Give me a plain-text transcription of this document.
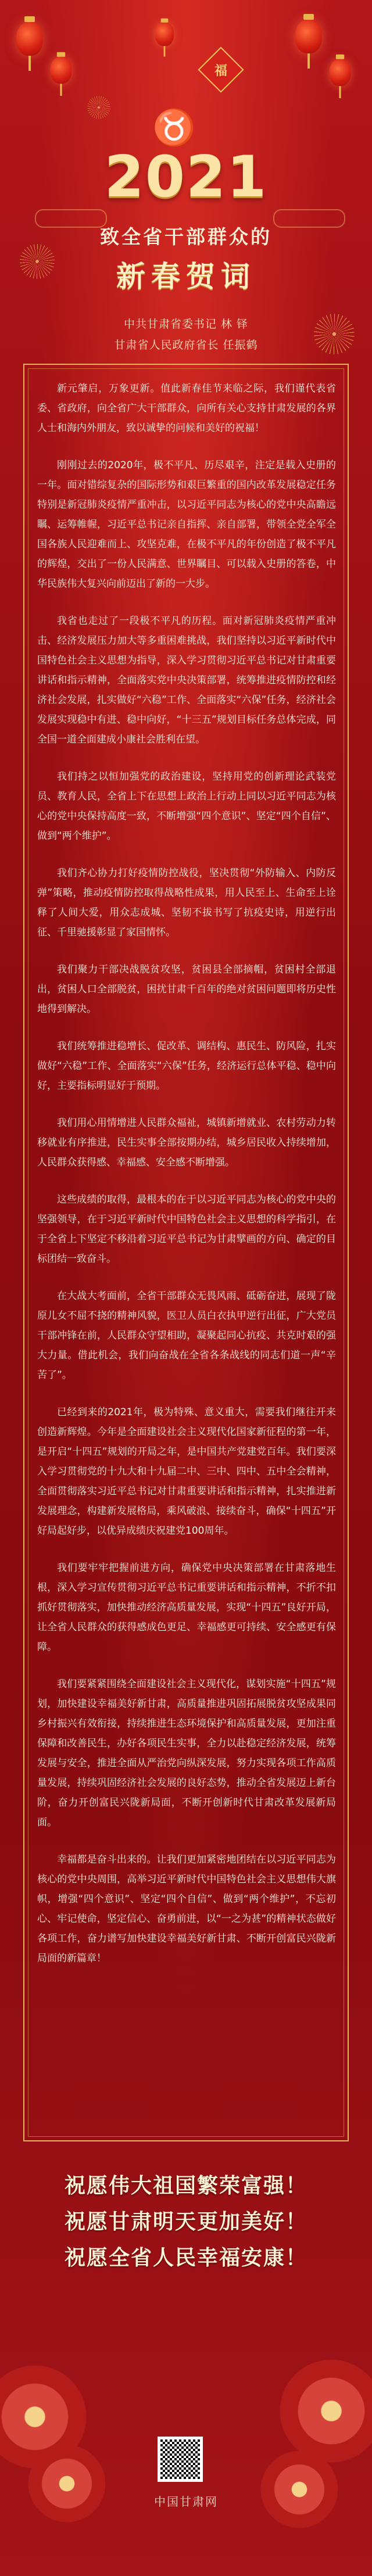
福
♉
2021
致全省干部群众的
新春贺词
中共甘肃省委书记 林 铎
甘肃省人民政府省长 任振鹤

新元肇启，万象更新。值此新春佳节来临之际，我们谨代表省委、省政府，向全省广大干部群众，向所有关心支持甘肃发展的各界人士和海内外朋友，致以诚挚的问候和美好的祝福！

刚刚过去的2020年，极不平凡、历尽艰辛，注定是载入史册的一年。面对错综复杂的国际形势和艰巨繁重的国内改革发展稳定任务特别是新冠肺炎疫情严重冲击，以习近平同志为核心的党中央高瞻远瞩、运筹帷幄，习近平总书记亲自指挥、亲自部署，带领全党全军全国各族人民迎难而上、攻坚克难，在极不平凡的年份创造了极不平凡的辉煌，交出了一份人民满意、世界瞩目、可以载入史册的答卷，中华民族伟大复兴向前迈出了新的一大步。

我省也走过了一段极不平凡的历程。面对新冠肺炎疫情严重冲击、经济发展压力加大等多重困难挑战，我们坚持以习近平新时代中国特色社会主义思想为指导，深入学习贯彻习近平总书记对甘肃重要讲话和指示精神，全面落实党中央决策部署，统筹推进疫情防控和经济社会发展，扎实做好“六稳”工作、全面落实“六保”任务，经济社会发展实现稳中有进、稳中向好，“十三五”规划目标任务总体完成，同全国一道全面建成小康社会胜利在望。

我们持之以恒加强党的政治建设，坚持用党的创新理论武装党员、教育人民，全省上下在思想上政治上行动上同以习近平同志为核心的党中央保持高度一致，不断增强“四个意识”、坚定“四个自信”、做到“两个维护”。

我们齐心协力打好疫情防控战役，坚决贯彻“外防输入、内防反弹”策略，推动疫情防控取得战略性成果，用人民至上、生命至上诠释了人间大爱，用众志成城、坚韧不拔书写了抗疫史诗，用逆行出征、千里驰援彰显了家国情怀。

我们聚力干部决战脱贫攻坚，贫困县全部摘帽，贫困村全部退出，贫困人口全部脱贫，困扰甘肃千百年的绝对贫困问题即将历史性地得到解决。

我们统筹推进稳增长、促改革、调结构、惠民生、防风险，扎实做好“六稳”工作、全面落实“六保”任务，经济运行总体平稳、稳中向好，主要指标明显好于预期。

我们用心用情增进人民群众福祉，城镇新增就业、农村劳动力转移就业有序推进，民生实事全部按期办结，城乡居民收入持续增加，人民群众获得感、幸福感、安全感不断增强。

这些成绩的取得，最根本的在于以习近平同志为核心的党中央的坚强领导，在于习近平新时代中国特色社会主义思想的科学指引，在于全省上下坚定不移沿着习近平总书记为甘肃擘画的方向、确定的目标团结一致奋斗。

在大战大考面前，全省干部群众无畏风雨、砥砺奋进，展现了陇原儿女不屈不挠的精神风貌，医卫人员白衣执甲逆行出征，广大党员干部冲锋在前，人民群众守望相助，凝聚起同心抗疫、共克时艰的强大力量。借此机会，我们向奋战在全省各条战线的同志们道一声“辛苦了”。

已经到来的2021年，极为特殊、意义重大，需要我们继往开来创造新辉煌。今年是全面建设社会主义现代化国家新征程的第一年，是开启“十四五”规划的开局之年，是中国共产党建党百年。我们要深入学习贯彻党的十九大和十九届二中、三中、四中、五中全会精神，全面贯彻落实习近平总书记对甘肃重要讲话和指示精神，扎实推进新发展理念，构建新发展格局，乘风破浪、接续奋斗，确保“十四五”开好局起好步，以优异成绩庆祝建党100周年。

我们要牢牢把握前进方向，确保党中央决策部署在甘肃落地生根，深入学习宣传贯彻习近平总书记重要讲话和指示精神，不折不扣抓好贯彻落实，加快推动经济高质量发展，实现“十四五”良好开局，让全省人民群众的获得感成色更足、幸福感更可持续、安全感更有保障。

我们要紧紧围绕全面建设社会主义现代化，谋划实施“十四五”规划，加快建设幸福美好新甘肃，高质量推进巩固拓展脱贫攻坚成果同乡村振兴有效衔接，持续推进生态环境保护和高质量发展，更加注重保障和改善民生，办好各项民生实事，全力以赴稳定经济发展，统筹发展与安全，推进全面从严治党向纵深发展，努力实现各项工作高质量发展，持续巩固经济社会发展的良好态势，推动全省发展迈上新台阶，奋力开创富民兴陇新局面，不断开创新时代甘肃改革发展新局面。

幸福都是奋斗出来的。让我们更加紧密地团结在以习近平同志为核心的党中央周围，高举习近平新时代中国特色社会主义思想伟大旗帜，增强“四个意识”、坚定“四个自信”、做到“两个维护”，不忘初心、牢记使命，坚定信心、奋勇前进，以“一之为甚”的精神状态做好各项工作，奋力谱写加快建设幸福美好新甘肃、不断开创富民兴陇新局面的新篇章！

祝愿伟大祖国繁荣富强！
祝愿甘肃明天更加美好！
祝愿全省人民幸福安康！
中国甘肃网
